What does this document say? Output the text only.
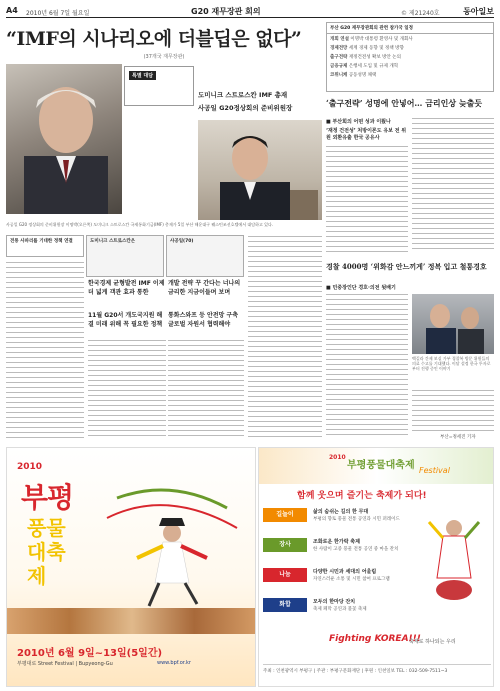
A4 2010년 6월 7일 월요일	G20 재무장관 회의	© 제21240호	동아일보
“IMF의 시나리오에 더블딥은 없다”
(37개국 재무장관)
특별 대담
도미니크 스트로스칸 IMF 총재
사공일 G20정상회의 준비위원장
사공일 G20 정상회의 준비위원장 이명박(오른쪽) 도미니크 스트로스칸 국제통화기금(IMF) 총재가 5일 부산 해운대구 웨스틴조선호텔에서 대담하고 있다.
전통 사파리를 기대한 정책 연결	도미니크 스트로스칸은	사공일(70)
한국경제 균형발전 IMF 이제 더 넓게 객관 효과 통한
11월 G20서 개도국지원 해결 미래 위해 꼭 필요한 정책
개발 전략 꾸 간다는 너나의 금리한 지금이들며 보며
통화스와프 등 안전망 구축 글로벌 자원서 협력해야
부산 G20 재무장관회의 관련 참가국 일정
개회 연설 이명박 대통령 환영사 및 개회사
경제전망 세계 경제 동향 및 정책 방향
출구전략 재정건전성 확보 방안 논의
금융규제 은행세 도입 및 규제 개혁
코뮈니케 공동성명 채택
‘출구전략’ 성명에 안넣어… 금리인상 늦출듯
■ 부산회의 어떤 성과 이뤘나
‘재정 건전성’ 처방이론도 유보 전 위원 외환유출 한국 공유사
경찰 4000명 ‘위화감 안느끼게’ 정복 입고 철통경호
■ 민중장인단 경호·의전 뒷배기
백길라 간제 보실 가부 경찰복 방문 위원들의 의료 수고를 기대했다. 이달 설정 한국 투자로 부터 진행 중인 이야기
부산=정세진 기자
2010
부평
풍물대축제
2010년 6월 9일~13일(5일간)
부평대로 Street Festival | Bupyeong-Gu	www.bpf.or.kr
2010
부평풍물대축제 Festival
함께 웃으며 즐기는 축제가 되다!
길놀이	삶의 숨쉬는 길의 한 무대
부평의 향토 풍물 전통 공연과 시민 퍼레이드
장사	조화로운 한가락 축제
한 사람이 고증 풍물 전통 공연 중 마을 잔치
나눔	다양한 시민과 세대의 어울림
자연스러운 소통 및 시민 참여 프로그램
화합	모두의 한마당 잔치
축제 폐막 공연과 불꽃 축제
Fighting KOREA!!!
축제로 하나되는 우리
주최 : 인천광역시 부평구 | 주관 : 부평구문화재단 | 후원 : 인천일보 TEL : 032-509-7511~3
